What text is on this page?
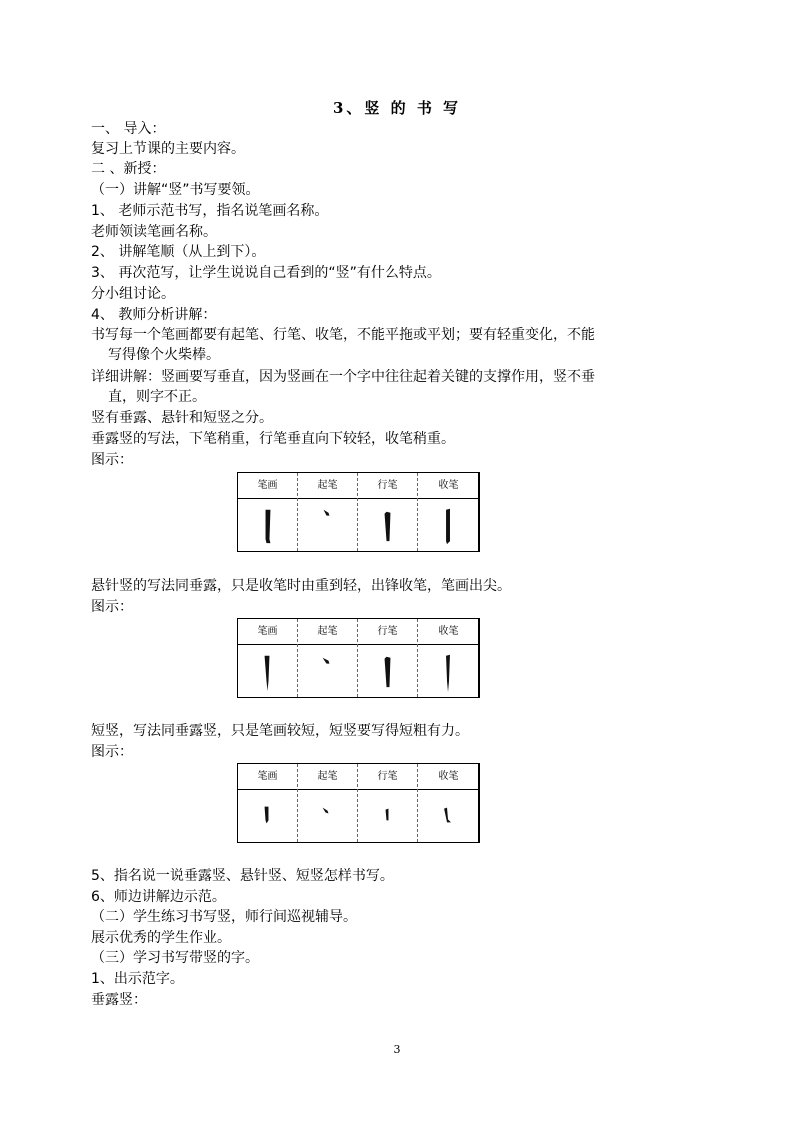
3、竖 的 书 写

一、 导入：

复习上节课的主要内容。

二 、新授：

（一）讲解“竖”书写要领。

1、 老师示范书写，指名说笔画名称。

老师领读笔画名称。

2、 讲解笔顺（从上到下）。

3、 再次范写，让学生说说自己看到的“竖”有什么特点。

分小组讨论。

4、 教师分析讲解：

书写每一个笔画都要有起笔、行笔、收笔，不能平拖或平划；要有轻重变化，不能

写得像个火柴棒。

详细讲解：竖画要写垂直，因为竖画在一个字中往往起着关键的支撑作用，竖不垂

直，则字不正。

竖有垂露、悬针和短竖之分。

垂露竖的写法，下笔稍重，行笔垂直向下较轻，收笔稍重。

图示：

笔画	起笔	行笔	收笔

悬针竖的写法同垂露，只是收笔时由重到轻，出锋收笔，笔画出尖。

图示：

笔画	起笔	行笔	收笔

短竖，写法同垂露竖，只是笔画较短，短竖要写得短粗有力。

图示：

笔画	起笔	行笔	收笔

5、指名说一说垂露竖、悬针竖、短竖怎样书写。

6、师边讲解边示范。

（二）学生练习书写竖，师行间巡视辅导。

展示优秀的学生作业。

（三）学习书写带竖的字。

1、出示范字。

垂露竖：

3
